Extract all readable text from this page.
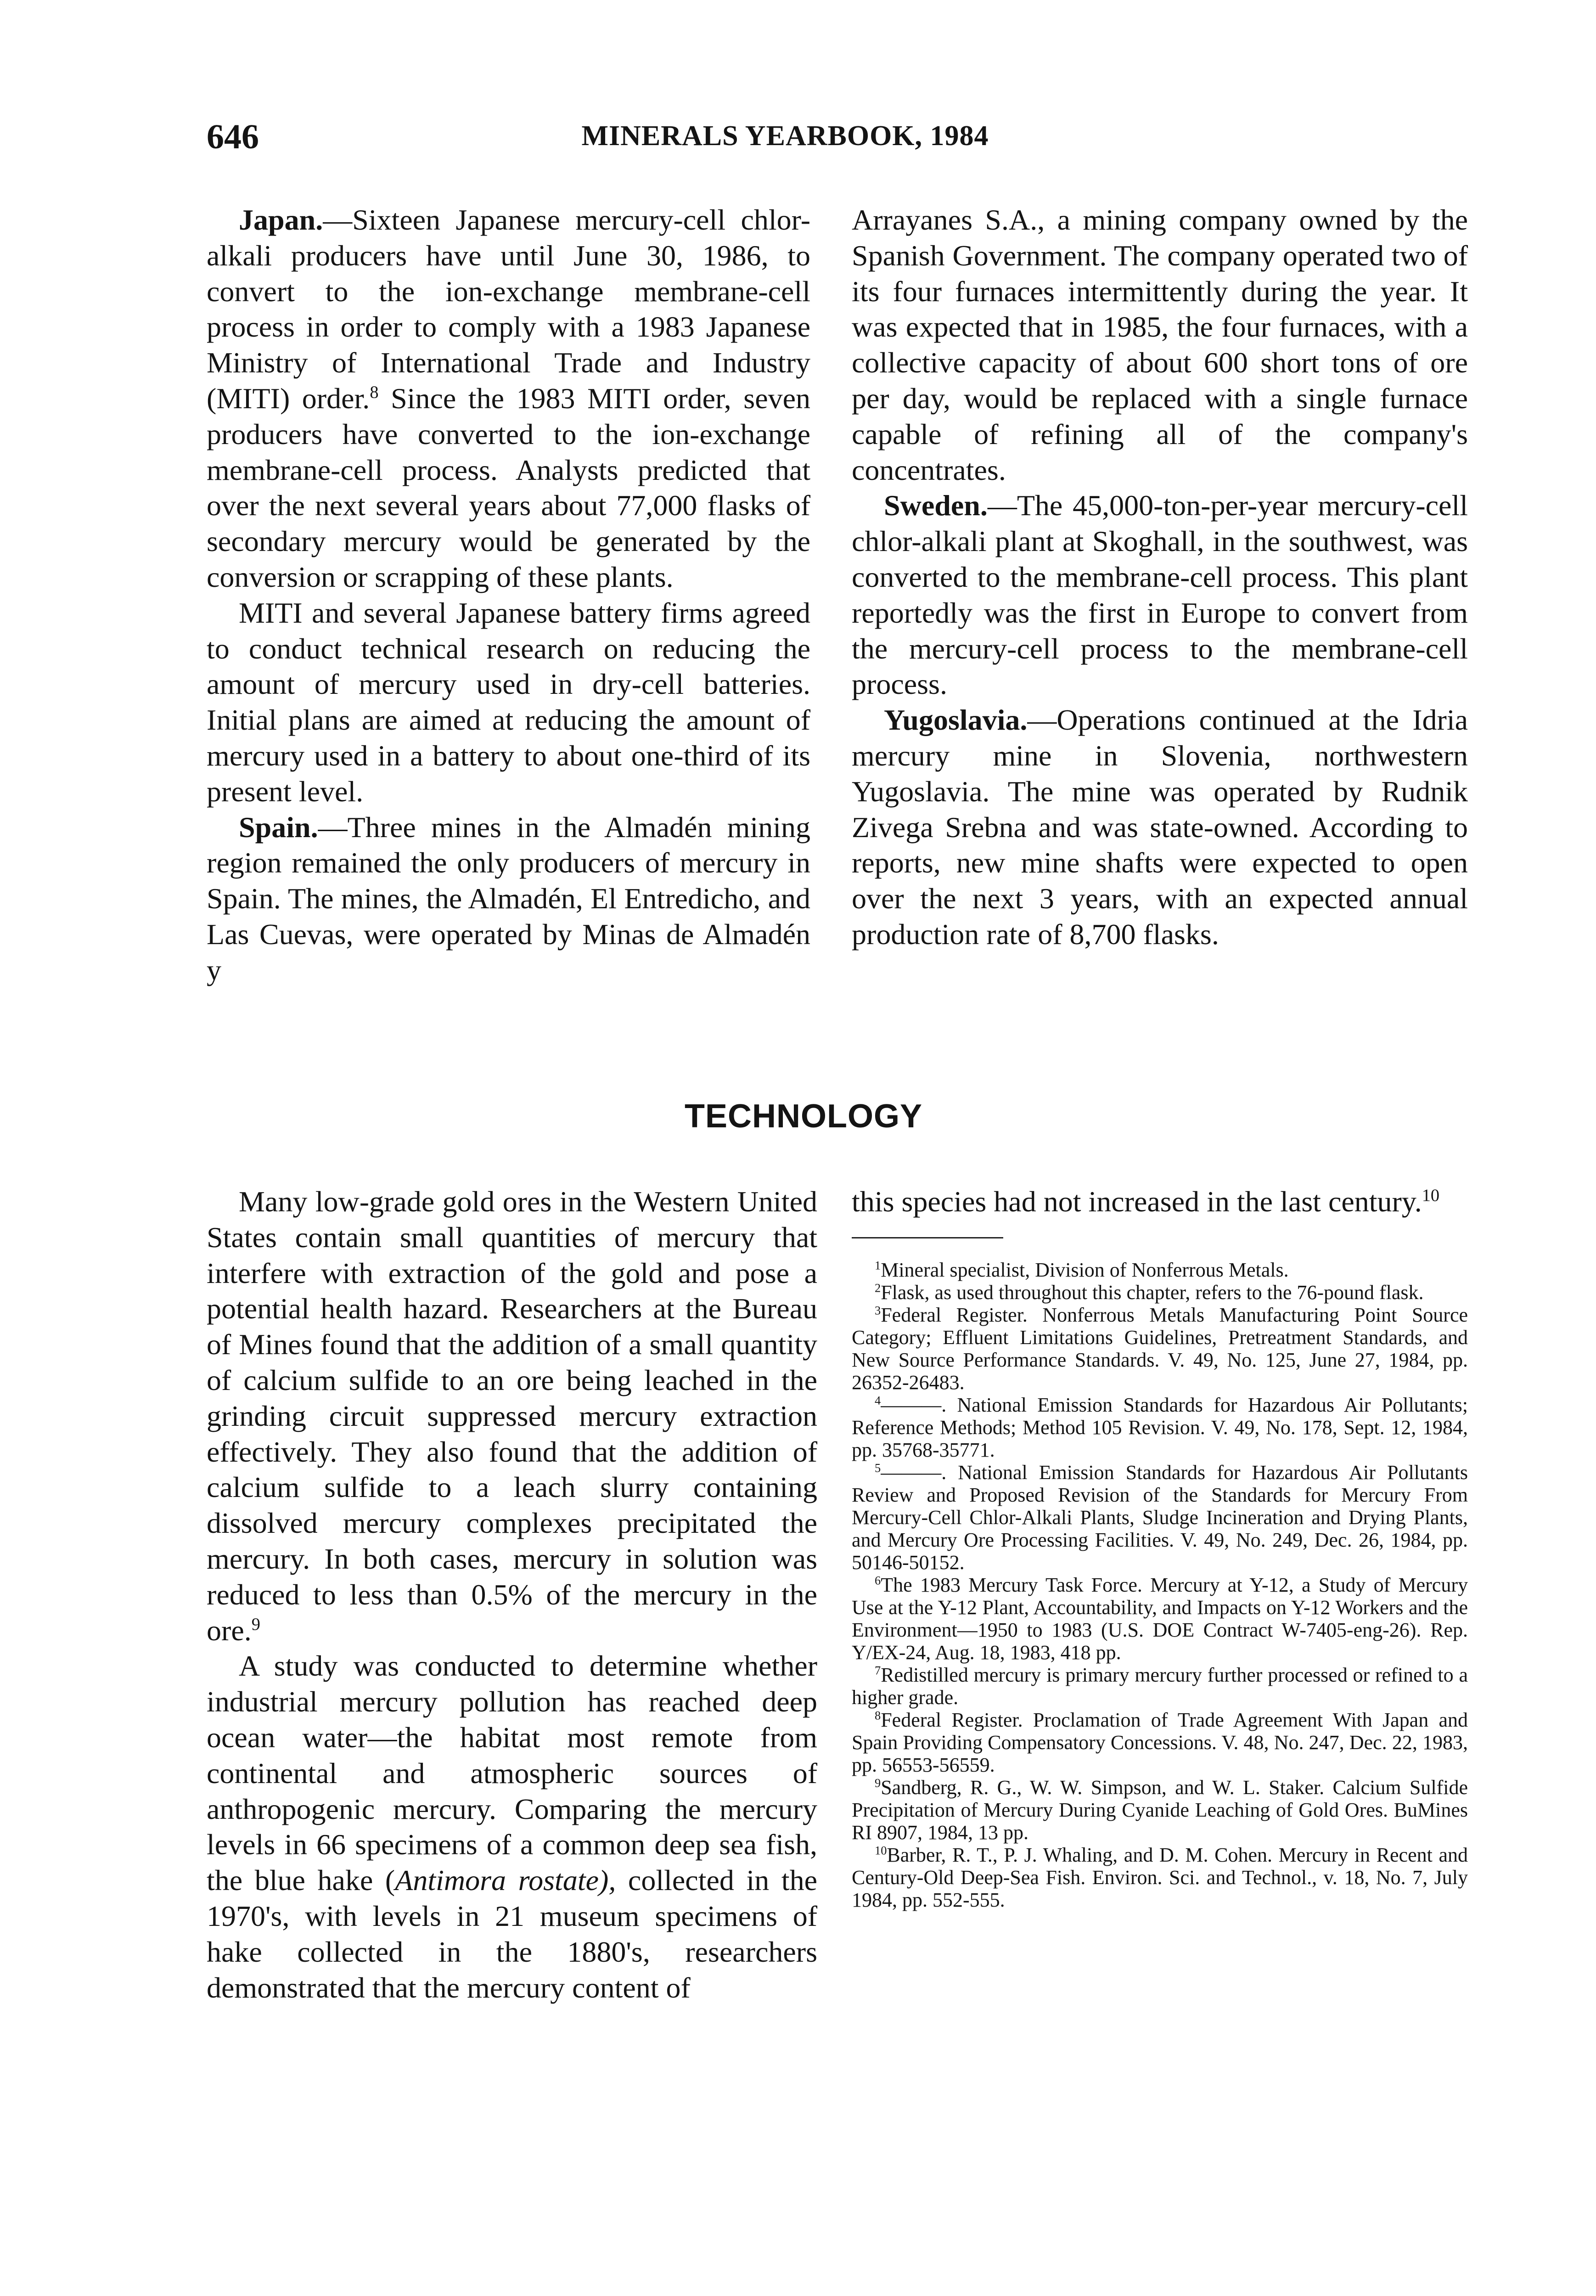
646	MINERALS YEARBOOK, 1984

Japan.—Sixteen Japanese mercury-cell chlor-alkali producers have until June 30, 1986, to convert to the ion-exchange membrane-cell process in order to comply with a 1983 Japanese Ministry of International Trade and Industry (MITI) order.$^8$ Since the 1983 MITI order, seven producers have converted to the ion-exchange membrane-cell process. Analysts predicted that over the next several years about 77,000 flasks of secondary mercury would be generated by the conversion or scrapping of these plants.

MITI and several Japanese battery firms agreed to conduct technical research on reducing the amount of mercury used in dry-cell batteries. Initial plans are aimed at reducing the amount of mercury used in a battery to about one-third of its present level.

Spain.—Three mines in the Almadén mining region remained the only producers of mercury in Spain. The mines, the Almadén, El Entredicho, and Las Cuevas, were operated by Minas de Almadén y

Arrayanes S.A., a mining company owned by the Spanish Government. The company operated two of its four furnaces intermittently during the year. It was expected that in 1985, the four furnaces, with a collective capacity of about 600 short tons of ore per day, would be replaced with a single furnace capable of refining all of the company's concentrates.

Sweden.—The 45,000-ton-per-year mercury-cell chlor-alkali plant at Skoghall, in the southwest, was converted to the membrane-cell process. This plant reportedly was the first in Europe to convert from the mercury-cell process to the membrane-cell process.

Yugoslavia.—Operations continued at the Idria mercury mine in Slovenia, northwestern Yugoslavia. The mine was operated by Rudnik Zivega Srebna and was state-owned. According to reports, new mine shafts were expected to open over the next 3 years, with an expected annual production rate of 8,700 flasks.

TECHNOLOGY

Many low-grade gold ores in the Western United States contain small quantities of mercury that interfere with extraction of the gold and pose a potential health hazard. Researchers at the Bureau of Mines found that the addition of a small quantity of calcium sulfide to an ore being leached in the grinding circuit suppressed mercury extraction effectively. They also found that the addition of calcium sulfide to a leach slurry containing dissolved mercury complexes precipitated the mercury. In both cases, mercury in solution was reduced to less than 0.5% of the mercury in the ore.$^9$

A study was conducted to determine whether industrial mercury pollution has reached deep ocean water—the habitat most remote from continental and atmospheric sources of anthropogenic mercury. Comparing the mercury levels in 66 specimens of a common deep sea fish, the blue hake (Antimora rostate), collected in the 1970's, with levels in 21 museum specimens of hake collected in the 1880's, researchers demonstrated that the mercury content of

this species had not increased in the last century.$^{10}$

$^1$Mineral specialist, Division of Nonferrous Metals.

$^2$Flask, as used throughout this chapter, refers to the 76-pound flask.

$^3$Federal Register. Nonferrous Metals Manufacturing Point Source Category; Effluent Limitations Guidelines, Pretreatment Standards, and New Source Performance Standards. V. 49, No. 125, June 27, 1984, pp. 26352-26483.

$^4$———. National Emission Standards for Hazardous Air Pollutants; Reference Methods; Method 105 Revision. V. 49, No. 178, Sept. 12, 1984, pp. 35768-35771.

$^5$———. National Emission Standards for Hazardous Air Pollutants Review and Proposed Revision of the Standards for Mercury From Mercury-Cell Chlor-Alkali Plants, Sludge Incineration and Drying Plants, and Mercury Ore Processing Facilities. V. 49, No. 249, Dec. 26, 1984, pp. 50146-50152.

$^6$The 1983 Mercury Task Force. Mercury at Y-12, a Study of Mercury Use at the Y-12 Plant, Accountability, and Impacts on Y-12 Workers and the Environment—1950 to 1983 (U.S. DOE Contract W-7405-eng-26). Rep. Y/EX-24, Aug. 18, 1983, 418 pp.

$^7$Redistilled mercury is primary mercury further processed or refined to a higher grade.

$^8$Federal Register. Proclamation of Trade Agreement With Japan and Spain Providing Compensatory Concessions. V. 48, No. 247, Dec. 22, 1983, pp. 56553-56559.

$^9$Sandberg, R. G., W. W. Simpson, and W. L. Staker. Calcium Sulfide Precipitation of Mercury During Cyanide Leaching of Gold Ores. BuMines RI 8907, 1984, 13 pp.

$^{10}$Barber, R. T., P. J. Whaling, and D. M. Cohen. Mercury in Recent and Century-Old Deep-Sea Fish. Environ. Sci. and Technol., v. 18, No. 7, July 1984, pp. 552-555.
